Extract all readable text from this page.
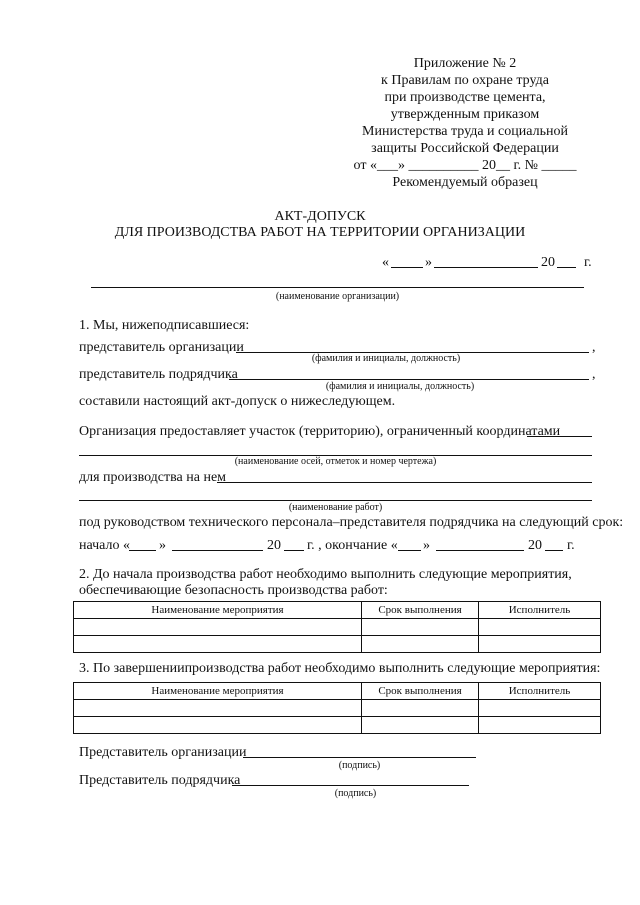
Приложение № 2
к Правилам по охране труда
при производстве цемента,
утвержденным приказом
Министерства труда и социальной
защиты Российской Федерации
от «___» __________ 20__ г. № _____
Рекомендуемый образец
АКТ-ДОПУСК
ДЛЯ ПРОИЗВОДСТВА РАБОТ НА ТЕРРИТОРИИ ОРГАНИЗАЦИИ
«	»	20 г.
(наименование организации)
1. Мы, нижеподписавшиеся:
представитель организации	,
(фамилия и инициалы, должность)
представитель подрядчика	,
(фамилия и инициалы, должность)
составили настоящий акт-допуск о нижеследующем.
Организация предоставляет участок (территорию), ограниченный координатами
(наименование осей, отметок и номер чертежа)
для производства на нем
(наименование работ)
под руководством технического персонала–представителя подрядчика на следующий срок:
начало « »	20 г. , окончание « »	20 г.
2. До начала производства работ необходимо выполнить следующие мероприятия,
обеспечивающие безопасность производства работ:
Наименование мероприятия	Срок выполнения	Исполнитель

3. По завершениипроизводства работ необходимо выполнить следующие мероприятия:
Наименование мероприятия	Срок выполнения	Исполнитель

Представитель организации
(подпись)
Представитель подрядчика
(подпись)
